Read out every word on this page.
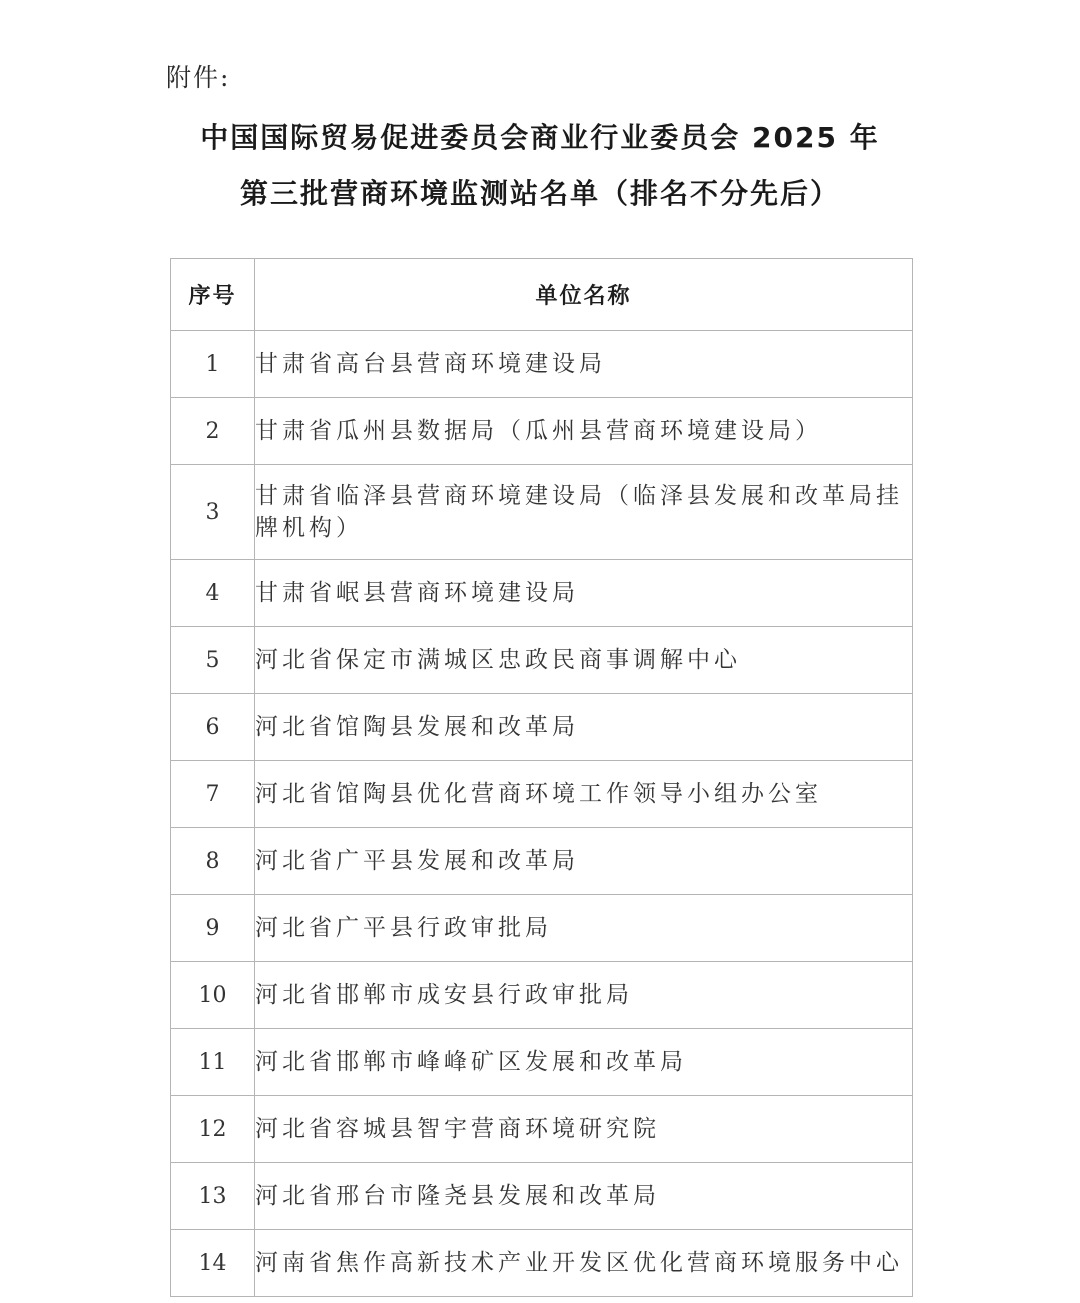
附件:
中国国际贸易促进委员会商业行业委员会 2025 年
第三批营商环境监测站名单（排名不分先后）
序号	单位名称
1	甘肃省高台县营商环境建设局
2	甘肃省瓜州县数据局（瓜州县营商环境建设局）
3	甘肃省临泽县营商环境建设局（临泽县发展和改革局挂牌机构）
4	甘肃省岷县营商环境建设局
5	河北省保定市满城区忠政民商事调解中心
6	河北省馆陶县发展和改革局
7	河北省馆陶县优化营商环境工作领导小组办公室
8	河北省广平县发展和改革局
9	河北省广平县行政审批局
10	河北省邯郸市成安县行政审批局
11	河北省邯郸市峰峰矿区发展和改革局
12	河北省容城县智宇营商环境研究院
13	河北省邢台市隆尧县发展和改革局
14	河南省焦作高新技术产业开发区优化营商环境服务中心
